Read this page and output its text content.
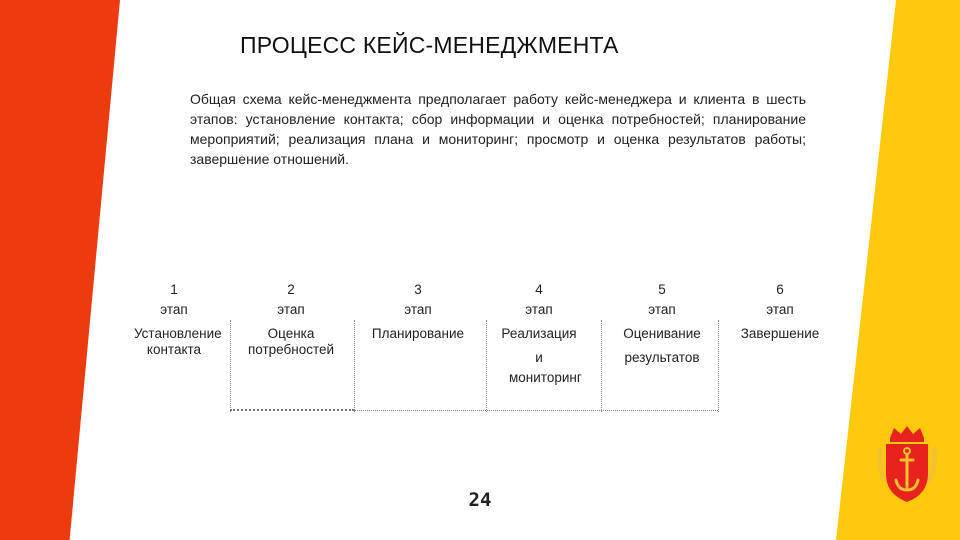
ПРОЦЕСС КЕЙС-МЕНЕДЖМЕНТА
Общая схема кейс-менеджмента предполагает работу кейс-менеджера и клиента в шесть этапов: установление контакта; сбор информации и оценка потребностей; планирование мероприятий; реализация плана и мониторинг; просмотр и оценка результатов работы; завершение отношений.
1
этап
Установление контакта
2
этап
Оценка потребностей
3
этап
Планирование
4
этап
Реализация
и мониторинг
5
этап
Оценивание
результатов
6
этап
Завершение
24
